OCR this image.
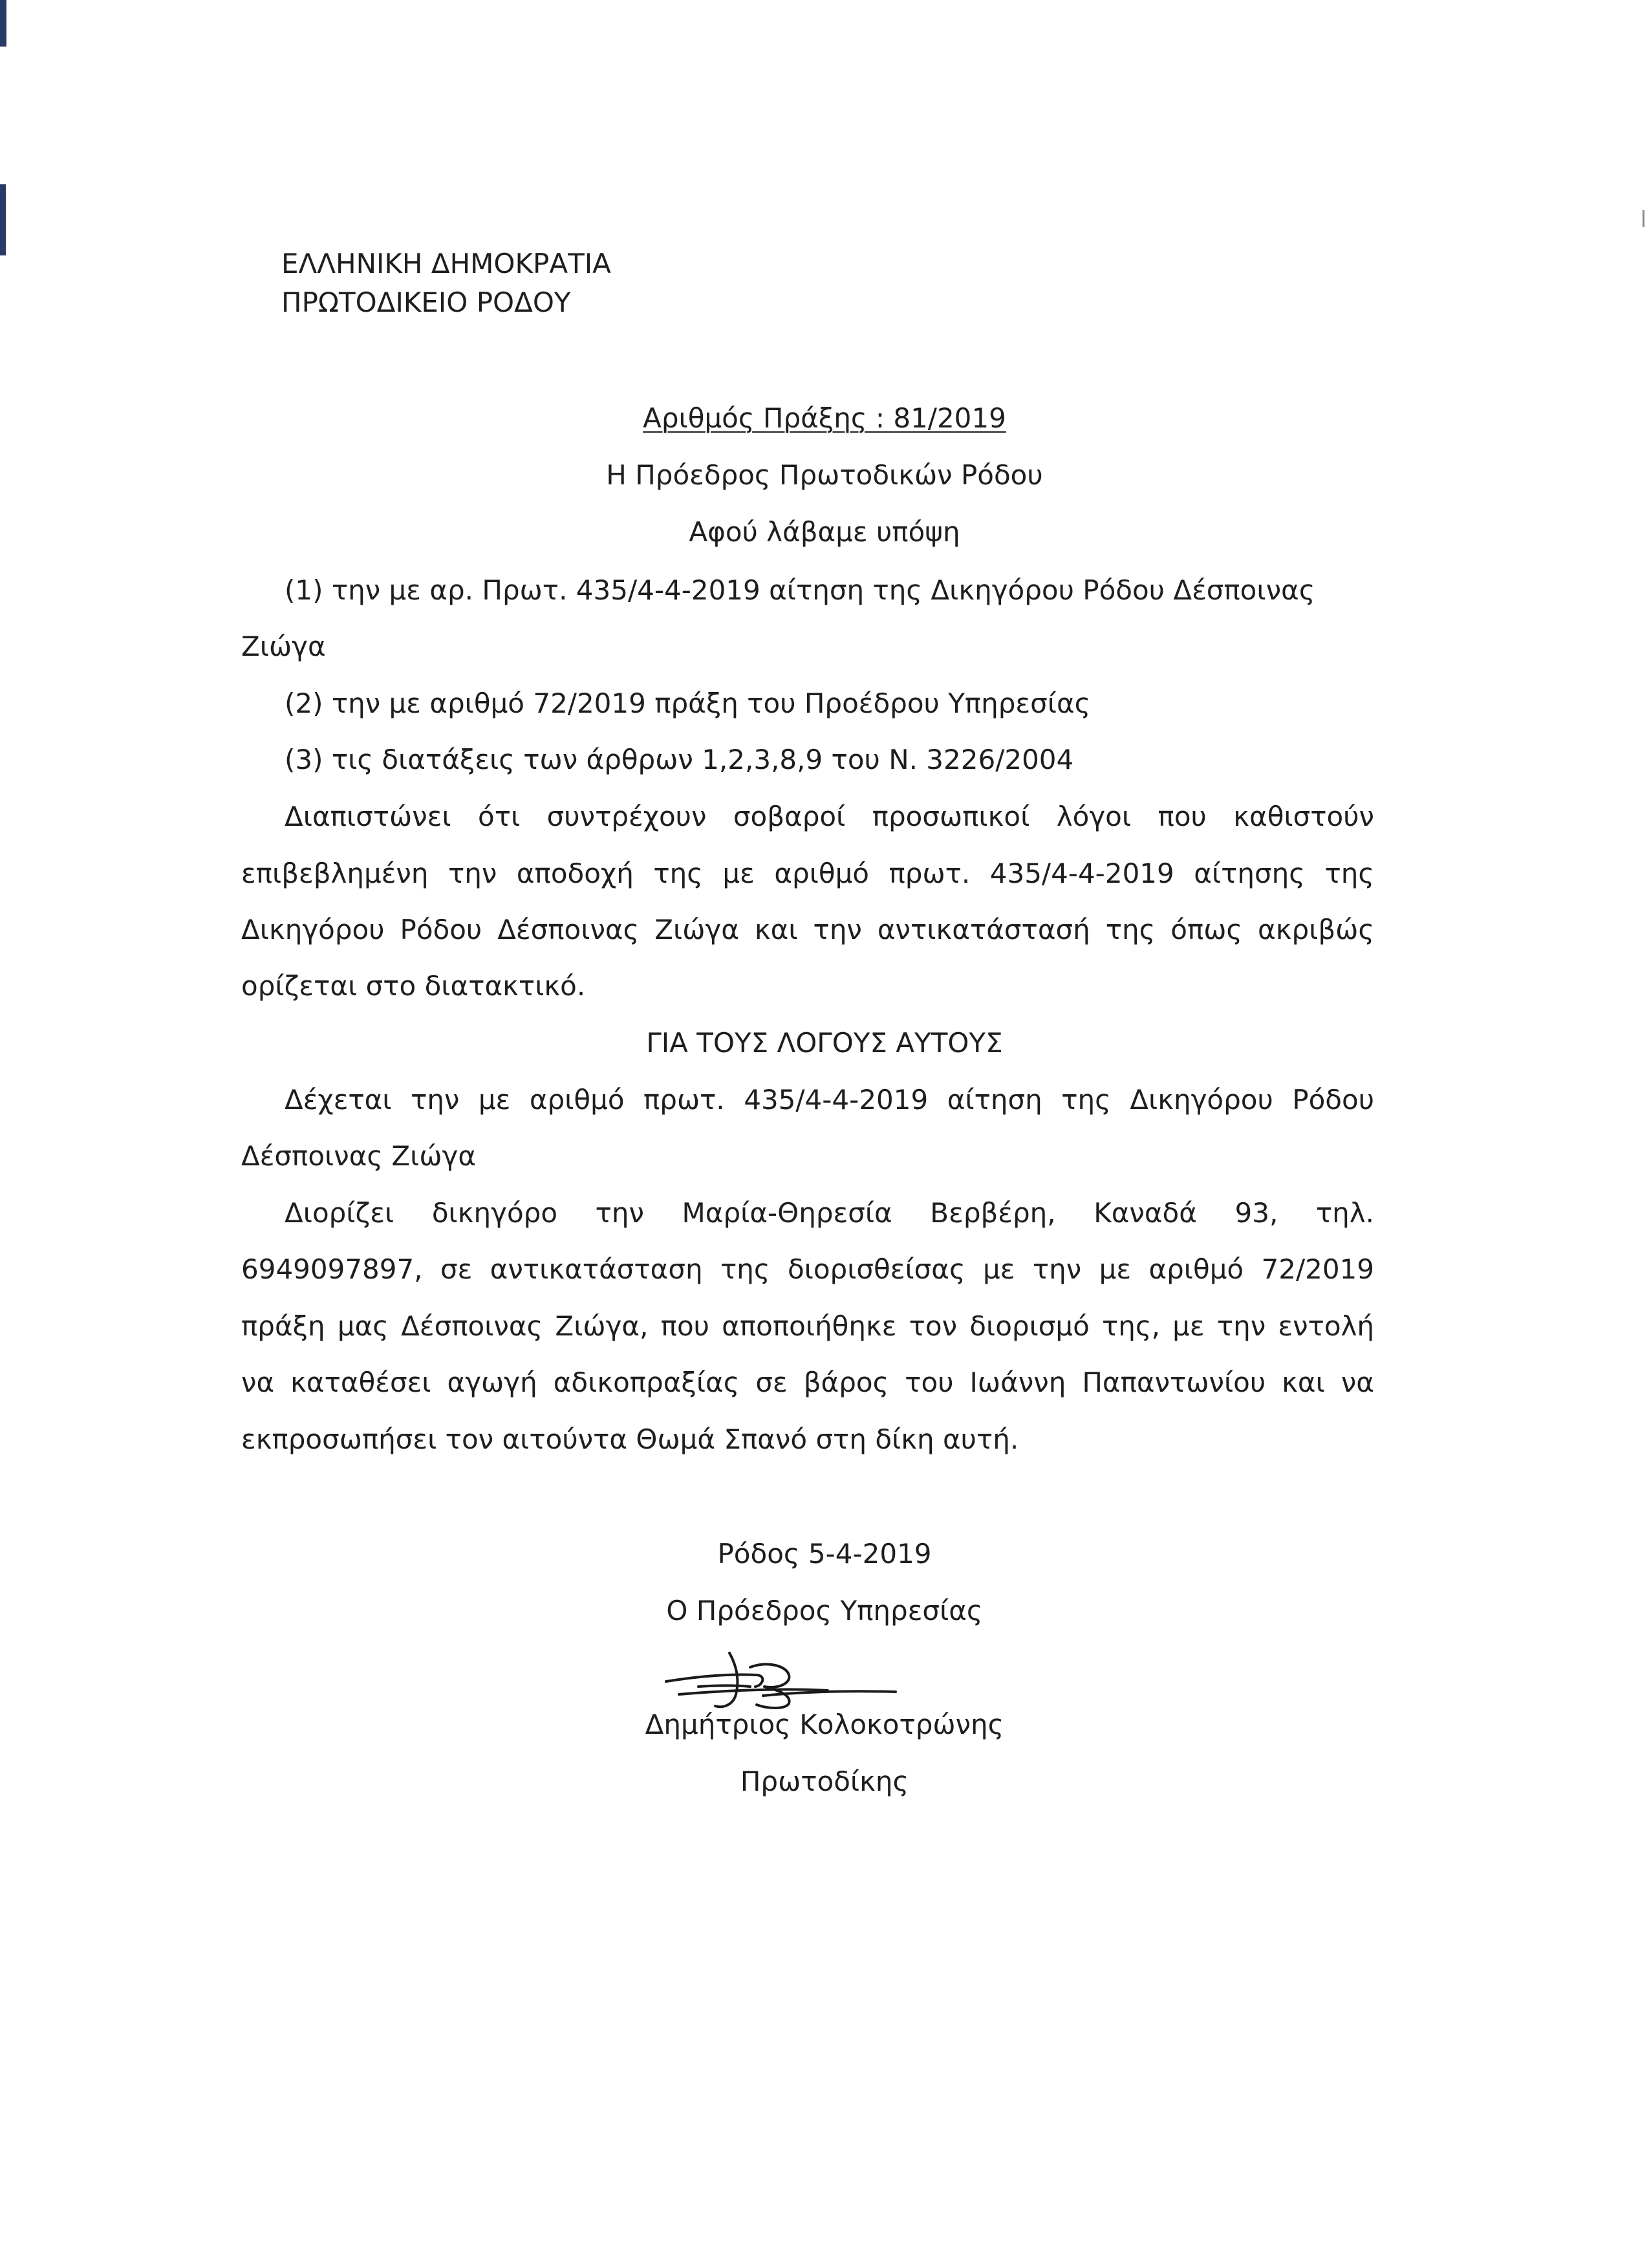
ΕΛΛΗΝΙΚΗ ΔΗΜΟΚΡΑΤΙΑ

ΠΡΩΤΟΔΙΚΕΙΟ ΡΟΔΟΥ

Αριθμός Πράξης : 81/2019

Η Πρόεδρος Πρωτοδικών Ρόδου

Αφού λάβαμε υπόψη

(1) την με αρ. Πρωτ. 435/4-4-2019 αίτηση της Δικηγόρου Ρόδου Δέσποινας

Ζιώγα

(2) την με αριθμό 72/2019 πράξη του Προέδρου Υπηρεσίας

(3) τις διατάξεις των άρθρων 1,2,3,8,9 του Ν. 3226/2004

Διαπιστώνει ότι συντρέχουν σοβαροί προσωπικοί λόγοι που καθιστούν

επιβεβλημένη την αποδοχή της με αριθμό πρωτ. 435/4-4-2019 αίτησης της

Δικηγόρου Ρόδου Δέσποινας Ζιώγα και την αντικατάστασή της όπως ακριβώς

ορίζεται στο διατακτικό.

ΓΙΑ ΤΟΥΣ ΛΟΓΟΥΣ ΑΥΤΟΥΣ

Δέχεται την με αριθμό πρωτ. 435/4-4-2019 αίτηση της Δικηγόρου Ρόδου

Δέσποινας Ζιώγα

Διορίζει δικηγόρο την Μαρία-Θηρεσία Βερβέρη, Καναδά 93, τηλ.

6949097897, σε αντικατάσταση της διορισθείσας με την με αριθμό 72/2019

πράξη μας Δέσποινας Ζιώγα, που αποποιήθηκε τον διορισμό της, με την εντολή

να καταθέσει αγωγή αδικοπραξίας σε βάρος του Ιωάννη Παπαντωνίου και να

εκπροσωπήσει τον αιτούντα Θωμά Σπανό στη δίκη αυτή.

Ρόδος 5-4-2019

Ο Πρόεδρος Υπηρεσίας

Δημήτριος Κολοκοτρώνης

Πρωτοδίκης
